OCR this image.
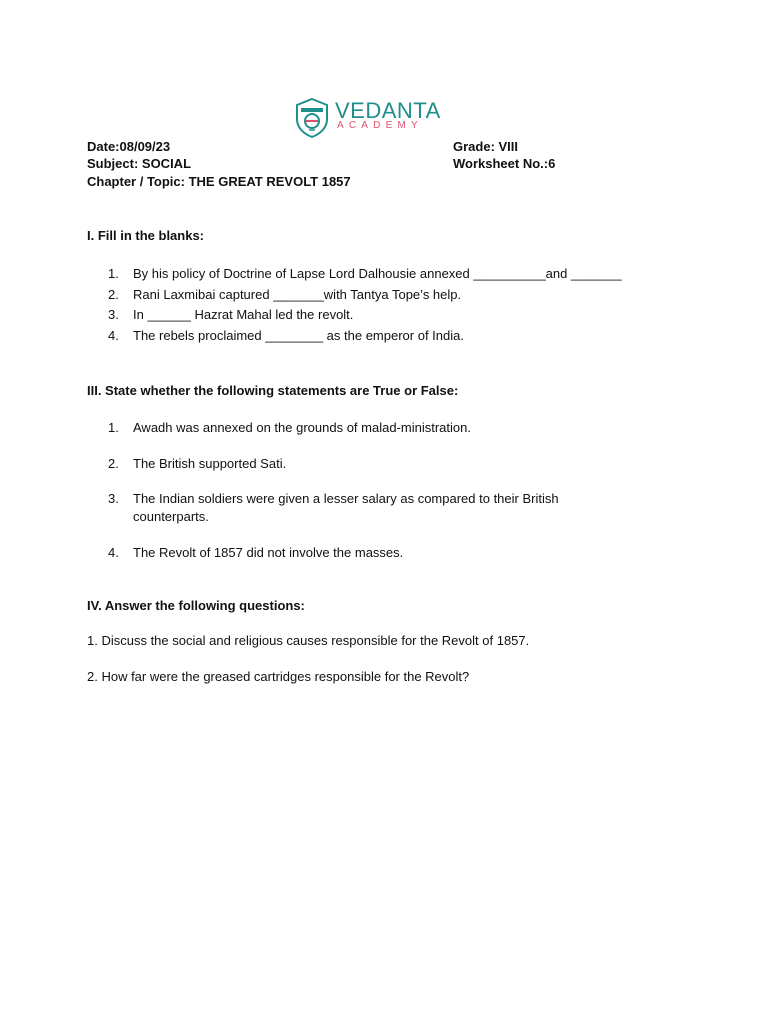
VEDANTA
ACADEMY
Date:08/09/23
Subject: SOCIAL
Chapter / Topic: THE GREAT REVOLT 1857
Grade: VIII
Worksheet No.:6
I. Fill in the blanks:
1. By his policy of Doctrine of Lapse Lord Dalhousie annexed __________and _______
2. Rani Laxmibai captured _______with Tantya Tope’s help.
3. In ______ Hazrat Mahal led the revolt.
4. The rebels proclaimed ________ as the emperor of India.
III. State whether the following statements are True or False:
1. Awadh was annexed on the grounds of malad-ministration.
2. The British supported Sati.
3. The Indian soldiers were given a lesser salary as compared to their British counterparts.
4. The Revolt of 1857 did not involve the masses.
IV. Answer the following questions:
1. Discuss the social and religious causes responsible for the Revolt of 1857.
2. How far were the greased cartridges responsible for the Revolt?
